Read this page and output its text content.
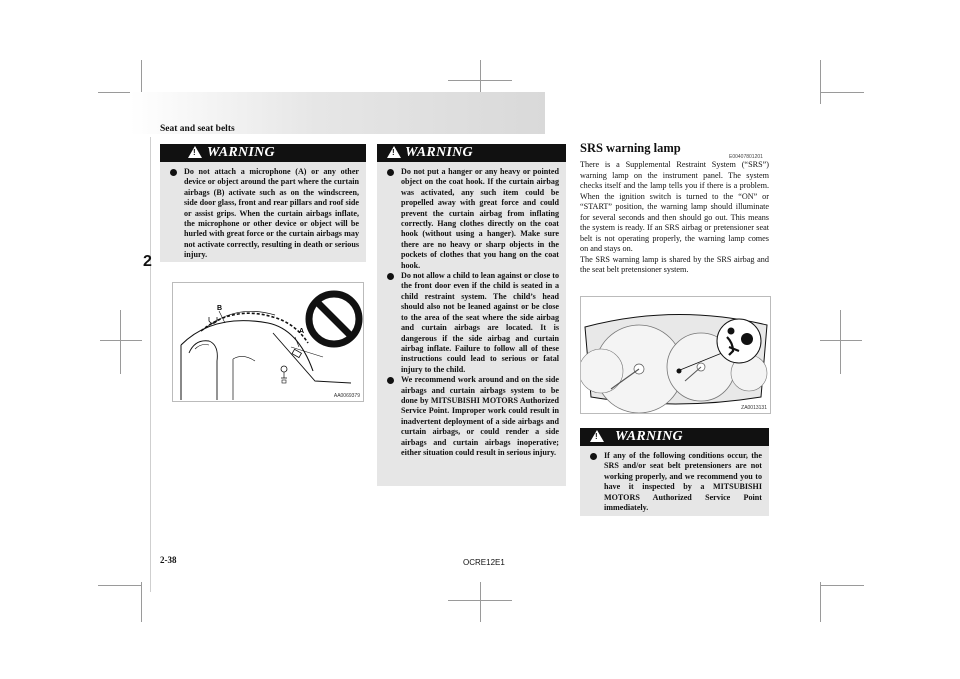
Seat and seat belts
2
!
WARNING

Do not attach a microphone (A) or any other device or object around the part where the curtain airbags (B) activate such as on the windscreen, side door glass, front and rear pillars and roof side or assist grips. When the curtain airbags inflate, the microphone or other device or object will be hurled with great force or the curtain airbags may not activate correctly, resulting in death or serious injury.

B
A
AA0069379
!
WARNING

Do not put a hanger or any heavy or pointed object on the coat hook. If the curtain airbag was activated, any such item could be propelled away with great force and could prevent the curtain airbag from inflating correctly. Hang clothes directly on the coat hook (without using a hanger). Make sure there are no heavy or sharp objects in the pockets of clothes that you hang on the coat hook.

Do not allow a child to lean against or close to the front door even if the child is seated in a child restraint system. The child’s head should also not be leaned against or be close to the area of the seat where the side airbag and curtain airbags are located. It is dangerous if the side airbag and curtain airbag inflate. Failure to follow all of these instructions could lead to serious or fatal injury to the child.

We recommend work around and on the side airbags and curtain airbags system to be done by MITSUBISHI MOTORS Authorized Service Point. Improper work could result in inadvertent deployment of a side airbags and curtain airbags, or could render a side airbags and curtain airbags inoperative; either situation could result in serious injury.

SRS warning lamp
E00407801201

There is a Supplemental Restraint System (“SRS”) warning lamp on the instrument panel. The system checks itself and the lamp tells you if there is a problem. When the ignition switch is turned to the “ON” or “START” position, the warning lamp should illuminate for several seconds and then should go out. This means the system is ready. If an SRS airbag or pretensioner seat belt is not operating properly, the warning lamp comes on and stays on.

The SRS warning lamp is shared by the SRS airbag and the seat belt pretensioner system.

ZA0013131
!
WARNING

If any of the following conditions occur, the SRS and/or seat belt pretensioners are not working properly, and we recommend you to have it inspected by a MITSUBISHI MOTORS Authorized Service Point immediately.

2-38	OCRE12E1
